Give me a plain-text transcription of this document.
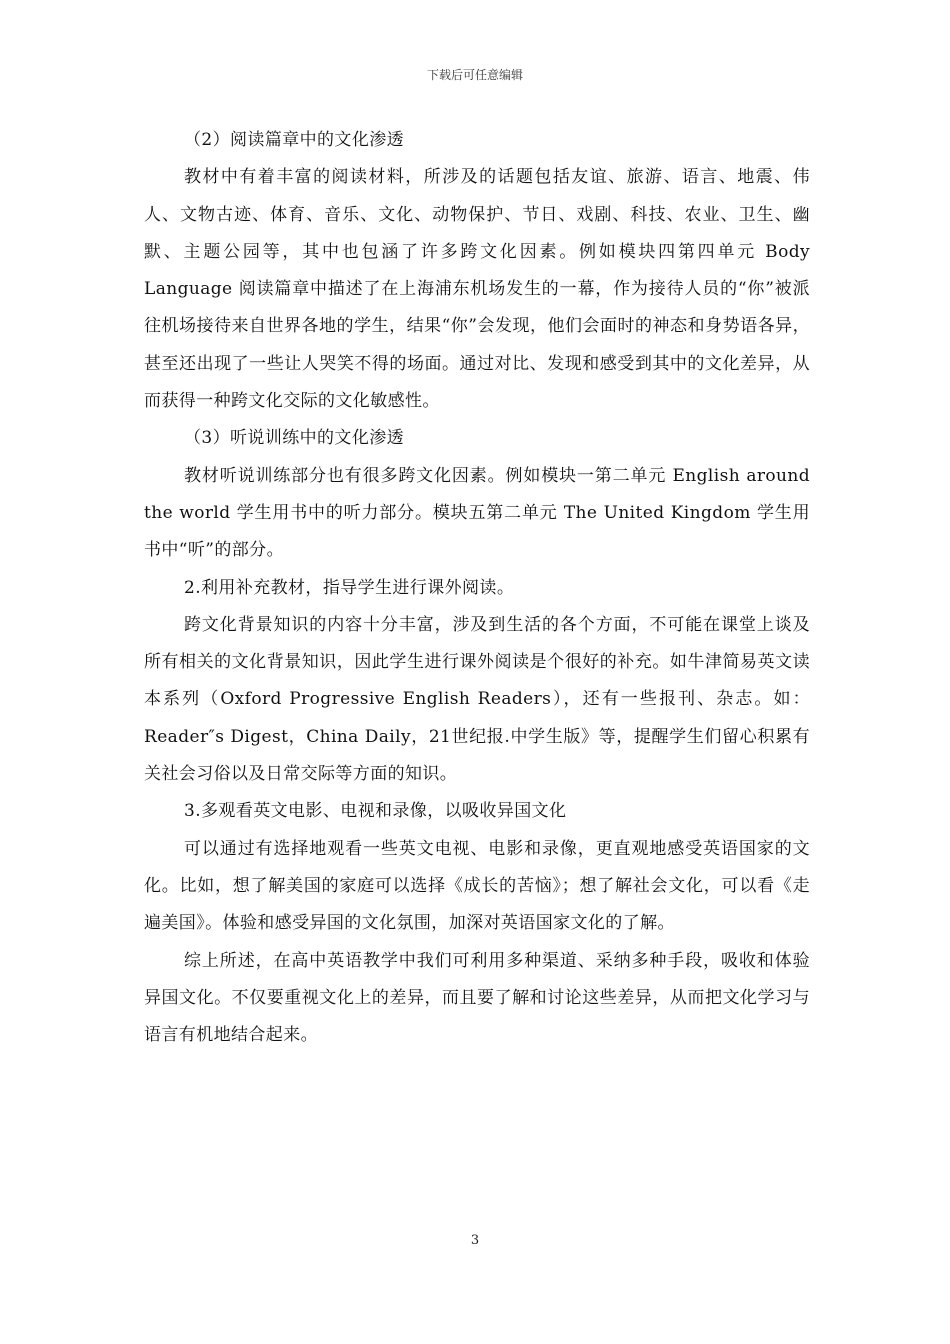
下载后可任意编辑

（2）阅读篇章中的文化渗透

教材中有着丰富的阅读材料，所涉及的话题包括友谊、旅游、语言、地震、伟人、文物古迹、体育、音乐、文化、动物保护、节日、戏剧、科技、农业、卫生、幽默、主题公园等，其中也包涵了许多跨文化因素。例如模块四第四单元 Body Language 阅读篇章中描述了在上海浦东机场发生的一幕，作为接待人员的“你”被派往机场接待来自世界各地的学生，结果“你”会发现，他们会面时的神态和身势语各异，甚至还出现了一些让人哭笑不得的场面。通过对比、发现和感受到其中的文化差异，从而获得一种跨文化交际的文化敏感性。

（3）听说训练中的文化渗透

教材听说训练部分也有很多跨文化因素。例如模块一第二单元 English around the world 学生用书中的听力部分。模块五第二单元 The United Kingdom 学生用书中“听”的部分。

2.利用补充教材，指导学生进行课外阅读。

跨文化背景知识的内容十分丰富，涉及到生活的各个方面，不可能在课堂上谈及所有相关的文化背景知识，因此学生进行课外阅读是个很好的补充。如牛津简易英文读本系列（Oxford Progressive English Readers），还有一些报刊、杂志。如：Reader″s Digest，China Daily，21世纪报.中学生版》等，提醒学生们留心积累有关社会习俗以及日常交际等方面的知识。

3.多观看英文电影、电视和录像，以吸收异国文化

可以通过有选择地观看一些英文电视、电影和录像，更直观地感受英语国家的文化。比如，想了解美国的家庭可以选择《成长的苦恼》；想了解社会文化，可以看《走遍美国》。体验和感受异国的文化氛围，加深对英语国家文化的了解。

综上所述，在高中英语教学中我们可利用多种渠道、采纳多种手段，吸收和体验异国文化。不仅要重视文化上的差异，而且要了解和讨论这些差异，从而把文化学习与语言有机地结合起来。

3
